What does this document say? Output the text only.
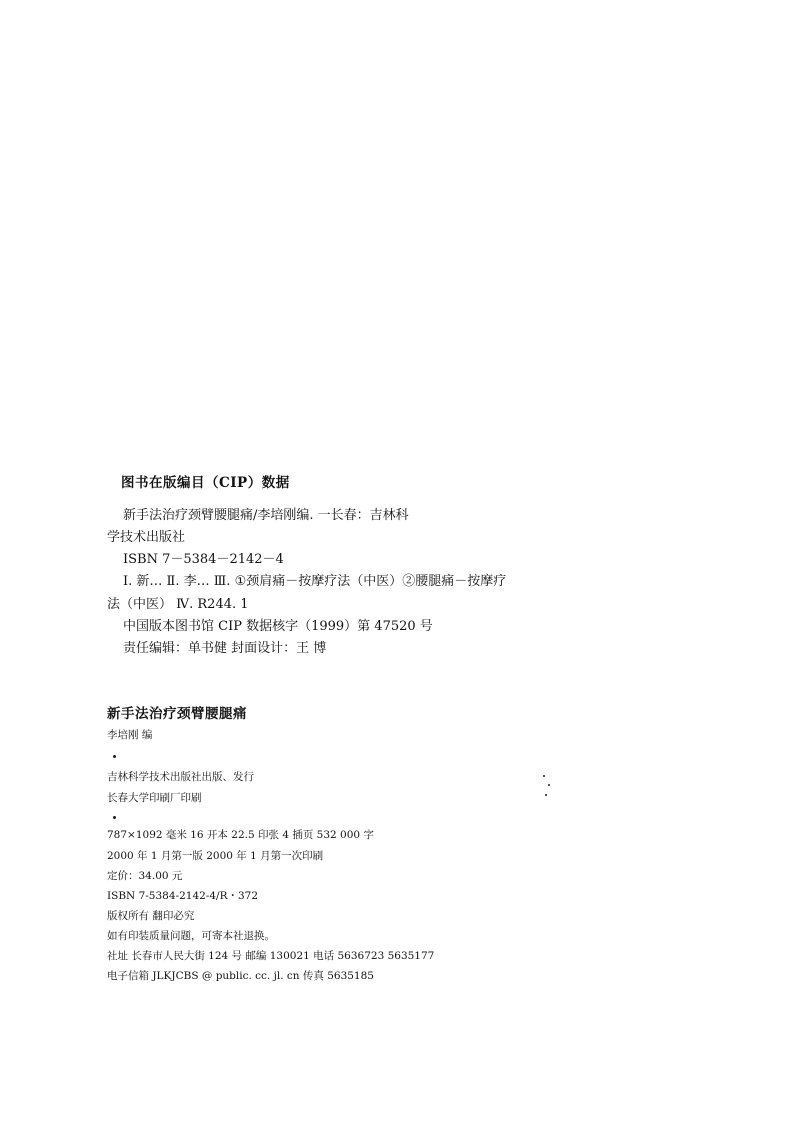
图书在版编目（CIP）数据
新手法治疗颈臂腰腿痛/李培刚编. 一长春：吉林科
学技术出版社
ISBN 7－5384－2142－4
Ⅰ. 新… Ⅱ. 李… Ⅲ. ①颈肩痛－按摩疗法（中医）②腰腿痛－按摩疗
法（中医） Ⅳ. R244. 1
中国版本图书馆 CIP 数据核字（1999）第 47520 号
责任编辑：单书健 封面设计：王 博
新手法治疗颈臂腰腿痛
李培刚 编
吉林科学技术出版社出版、发行
长春大学印刷厂印刷
787×1092 毫米 16 开本 22.5 印张 4 插页 532 000 字
2000 年 1 月第一版 2000 年 1 月第一次印刷
定价：34.00 元
ISBN 7-5384-2142-4/R・372
版权所有 翻印必究
如有印装质量问题，可寄本社退换。
社址 长春市人民大街 124 号 邮编 130021 电话 5636723 5635177
电子信箱 JLKJCBS @ public. cc. jl. cn 传真 5635185
